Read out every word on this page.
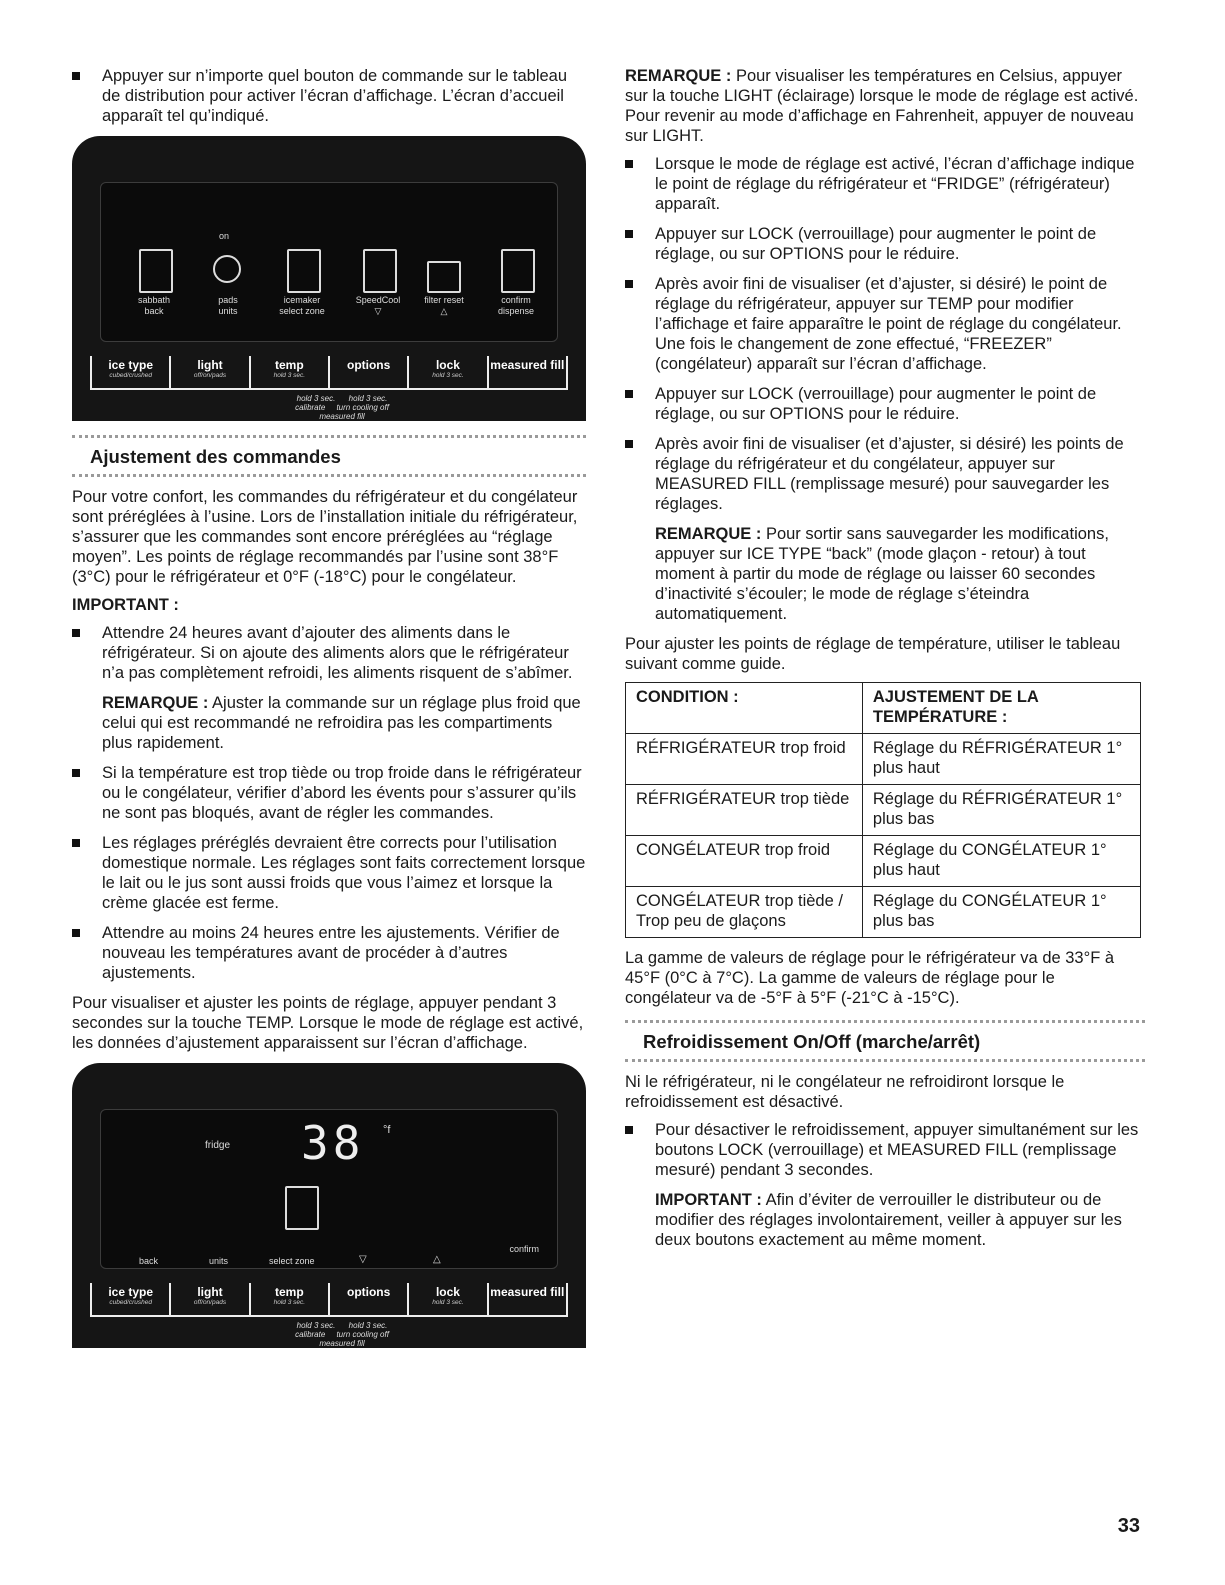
Appuyer sur n’importe quel bouton de commande sur le tableau de distribution pour activer l’écran d’affichage. L’écran d’accueil apparaît tel qu’indiqué.
on
sabbath
back
pads
units
icemaker
select zone
SpeedCool
▽
filter reset
△
confirm
dispense
ice type
cubed/crushed
light
off/on/pads
temp
hold 3 sec.
options	lock
hold 3 sec.
measured fill
hold 3 sec. hold 3 sec.
calibrate turn cooling off
measured fill
Ajustement des commandes

Pour votre confort, les commandes du réfrigérateur et du congélateur sont préréglées à l’usine. Lors de l’installation initiale du réfrigérateur, s’assurer que les commandes sont encore préréglées au “réglage moyen”. Les points de réglage recommandés par l’usine sont 38°F (3°C) pour le réfrigérateur et 0°F (-18°C) pour le congélateur.

IMPORTANT :

Attendre 24 heures avant d’ajouter des aliments dans le réfrigérateur. Si on ajoute des aliments alors que le réfrigérateur n’a pas complètement refroidi, les aliments risquent de s’abîmer.
REMARQUE : Ajuster la commande sur un réglage plus froid que celui qui est recommandé ne refroidira pas les compartiments plus rapidement.
Si la température est trop tiède ou trop froide dans le réfrigérateur ou le congélateur, vérifier d’abord les évents pour s’assurer qu’ils ne sont pas bloqués, avant de régler les commandes.
Les réglages préréglés devraient être corrects pour l’utilisation domestique normale. Les réglages sont faits correctement lorsque le lait ou le jus sont aussi froids que vous l’aimez et lorsque la crème glacée est ferme.
Attendre au moins 24 heures entre les ajustements. Vérifier de nouveau les températures avant de procéder à d’autres ajustements.

Pour visualiser et ajuster les points de réglage, appuyer pendant 3 secondes sur la touche TEMP. Lorsque le mode de réglage est activé, les données d’ajustement apparaissent sur l’écran d’affichage.

fridge 38 °f
confirm
back	units	select zone	▽	△
ice type
cubed/crushed
light
off/on/pads
temp
hold 3 sec.
options	lock
hold 3 sec.
measured fill
hold 3 sec. hold 3 sec.
calibrate turn cooling off
measured fill

REMARQUE : Pour visualiser les températures en Celsius, appuyer sur la touche LIGHT (éclairage) lorsque le mode de réglage est activé. Pour revenir au mode d’affichage en Fahrenheit, appuyer de nouveau sur LIGHT.

Lorsque le mode de réglage est activé, l’écran d’affichage indique le point de réglage du réfrigérateur et “FRIDGE” (réfrigérateur) apparaît.
Appuyer sur LOCK (verrouillage) pour augmenter le point de réglage, ou sur OPTIONS pour le réduire.
Après avoir fini de visualiser (et d’ajuster, si désiré) le point de réglage du réfrigérateur, appuyer sur TEMP pour modifier l’affichage et faire apparaître le point de réglage du congélateur. Une fois le changement de zone effectué, “FREEZER” (congélateur) apparaît sur l’écran d’affichage.
Appuyer sur LOCK (verrouillage) pour augmenter le point de réglage, ou sur OPTIONS pour le réduire.
Après avoir fini de visualiser (et d’ajuster, si désiré) les points de réglage du réfrigérateur et du congélateur, appuyer sur MEASURED FILL (remplissage mesuré) pour sauvegarder les réglages.
REMARQUE : Pour sortir sans sauvegarder les modifications, appuyer sur ICE TYPE “back” (mode glaçon - retour) à tout moment à partir du mode de réglage ou laisser 60 secondes d’inactivité s’écouler; le mode de réglage s’éteindra automatiquement.

Pour ajuster les points de réglage de température, utiliser le tableau suivant comme guide.

CONDITION :	AJUSTEMENT DE LA TEMPÉRATURE :
RÉFRIGÉRATEUR trop froid	Réglage du RÉFRIGÉRATEUR 1° plus haut
RÉFRIGÉRATEUR trop tiède	Réglage du RÉFRIGÉRATEUR 1° plus bas
CONGÉLATEUR trop froid	Réglage du CONGÉLATEUR 1° plus haut
CONGÉLATEUR trop tiède / Trop peu de glaçons	Réglage du CONGÉLATEUR 1° plus bas

La gamme de valeurs de réglage pour le réfrigérateur va de 33°F à 45°F (0°C à 7°C). La gamme de valeurs de réglage pour le congélateur va de -5°F à 5°F (-21°C à -15°C).

Refroidissement On/Off (marche/arrêt)

Ni le réfrigérateur, ni le congélateur ne refroidiront lorsque le refroidissement est désactivé.

Pour désactiver le refroidissement, appuyer simultanément sur les boutons LOCK (verrouillage) et MEASURED FILL (remplissage mesuré) pendant 3 secondes.
IMPORTANT : Afin d’éviter de verrouiller le distributeur ou de modifier des réglages involontairement, veiller à appuyer sur les deux boutons exactement au même moment.
33
